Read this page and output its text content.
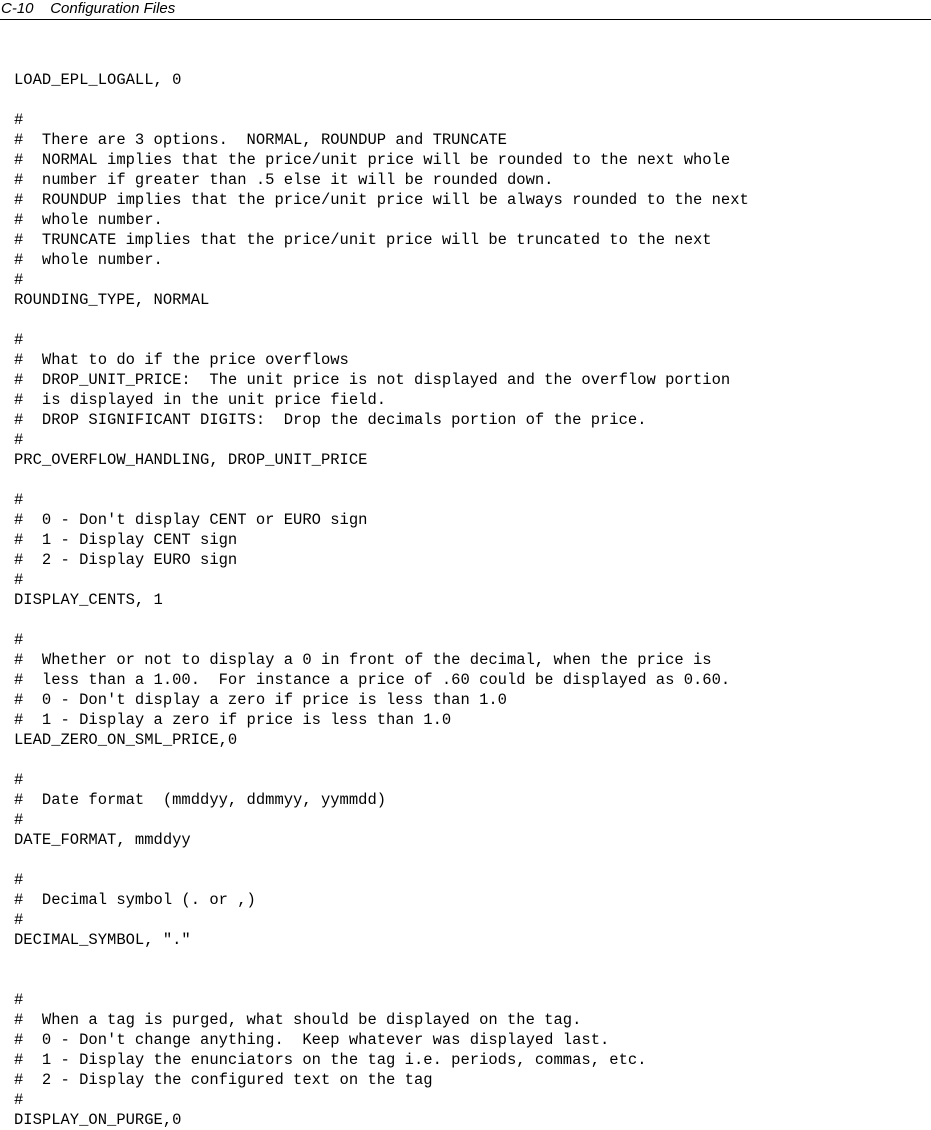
C-10 Configuration Files
LOAD_EPL_LOGALL, 0
#
#  There are 3 options.  NORMAL, ROUNDUP and TRUNCATE
#  NORMAL implies that the price/unit price will be rounded to the next whole
#  number if greater than .5 else it will be rounded down.
#  ROUNDUP implies that the price/unit price will be always rounded to the next
#  whole number.
#  TRUNCATE implies that the price/unit price will be truncated to the next
#  whole number.
#
ROUNDING_TYPE, NORMAL
#
#  What to do if the price overflows
#  DROP_UNIT_PRICE:  The unit price is not displayed and the overflow portion
#  is displayed in the unit price field.
#  DROP SIGNIFICANT DIGITS:  Drop the decimals portion of the price.
#
PRC_OVERFLOW_HANDLING, DROP_UNIT_PRICE
#
#  0 - Don't display CENT or EURO sign
#  1 - Display CENT sign
#  2 - Display EURO sign
#
DISPLAY_CENTS, 1
#
#  Whether or not to display a 0 in front of the decimal, when the price is
#  less than a 1.00.  For instance a price of .60 could be displayed as 0.60.
#  0 - Don't display a zero if price is less than 1.0
#  1 - Display a zero if price is less than 1.0
LEAD_ZERO_ON_SML_PRICE,0
#
#  Date format  (mmddyy, ddmmyy, yymmdd)
#
DATE_FORMAT, mmddyy
#
#  Decimal symbol (. or ,)
#
DECIMAL_SYMBOL, "."
#
#  When a tag is purged, what should be displayed on the tag.
#  0 - Don't change anything.  Keep whatever was displayed last.
#  1 - Display the enunciators on the tag i.e. periods, commas, etc.
#  2 - Display the configured text on the tag
#
DISPLAY_ON_PURGE,0
